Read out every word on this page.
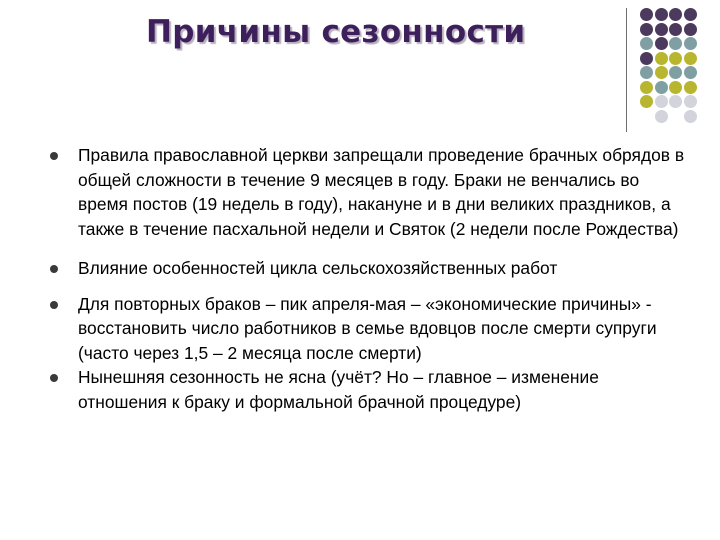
Причины сезонности
Правила православной церкви запрещали проведение брачных обрядов в общей сложности в течение 9 месяцев в году. Браки не венчались во время постов (19 недель в году), накануне и в дни великих праздников, а также в течение пасхальной недели и Святок (2 недели после Рождества)
Влияние особенностей цикла сельскохозяйственных работ
Для повторных браков – пик апреля-мая – «экономические причины» - восстановить число работников в семье вдовцов после смерти супруги (часто через 1,5 – 2 месяца после смерти)
Нынешняя сезонность не ясна (учёт? Но – главное – изменение отношения к браку и формальной брачной процедуре)
